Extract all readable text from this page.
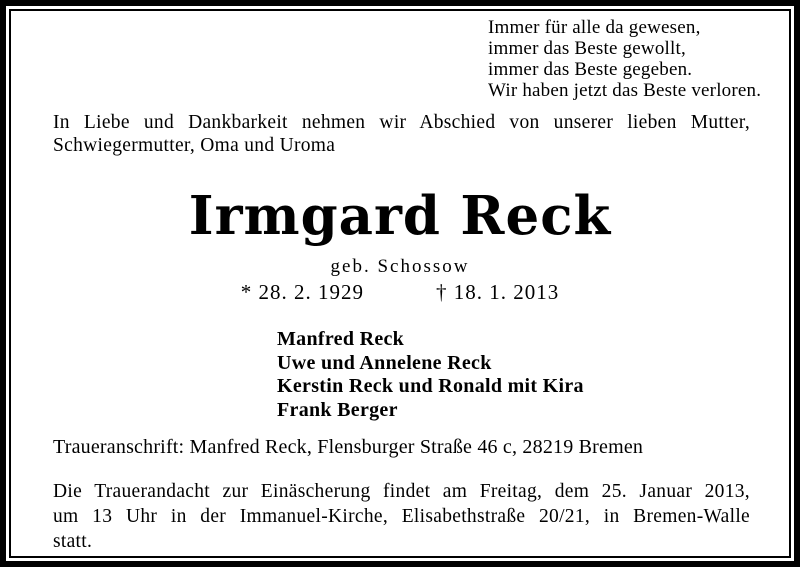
Immer für alle da gewesen,
immer das Beste gewollt,
immer das Beste gegeben.
Wir haben jetzt das Beste verloren.
In Liebe und Dankbarkeit nehmen wir Abschied von unserer lieben Mutter,
Schwiegermutter, Oma und Uroma
Irmgard Reck
geb. Schossow
* 28. 2. 1929	† 18. 1. 2013
Manfred Reck
Uwe und Annelene Reck
Kerstin Reck und Ronald mit Kira
Frank Berger
Traueranschrift: Manfred Reck, Flensburger Straße 46 c, 28219 Bremen
Die Trauerandacht zur Einäscherung findet am Freitag, dem 25. Januar 2013,
um 13 Uhr in der Immanuel-Kirche, Elisabethstraße 20/21, in Bremen-Walle
statt.
